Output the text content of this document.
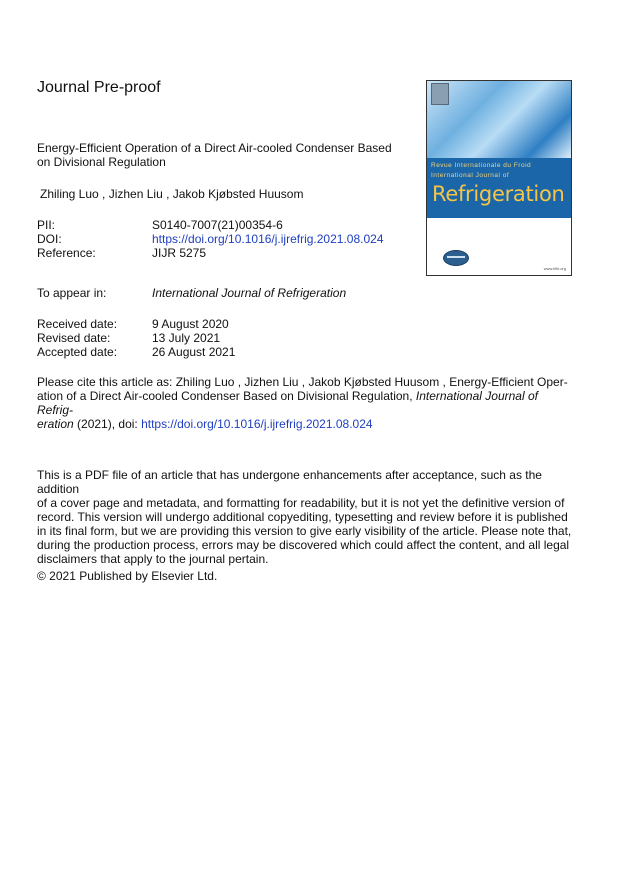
Journal Pre-proof
Energy-Efficient Operation of a Direct Air-cooled Condenser Based
on Divisional Regulation
Zhiling Luo , Jizhen Liu , Jakob Kjøbsted Huusom
PII:	S0140-7007(21)00354-6
DOI:	https://doi.org/10.1016/j.ijrefrig.2021.08.024
Reference:	JIJR 5275
To appear in:	International Journal of Refrigeration
Received date:	9 August 2020
Revised date:	13 July 2021
Accepted date:	26 August 2021
Please cite this article as: Zhiling Luo , Jizhen Liu , Jakob Kjøbsted Huusom , Energy-Efficient Oper-
ation of a Direct Air-cooled Condenser Based on Divisional Regulation, International Journal of Refrig-
eration (2021), doi: https://doi.org/10.1016/j.ijrefrig.2021.08.024
This is a PDF file of an article that has undergone enhancements after acceptance, such as the addition
of a cover page and metadata, and formatting for readability, but it is not yet the definitive version of
record. This version will undergo additional copyediting, typesetting and review before it is published
in its final form, but we are providing this version to give early visibility of the article. Please note that,
during the production process, errors may be discovered which could affect the content, and all legal
disclaimers that apply to the journal pertain.
© 2021 Published by Elsevier Ltd.
Revue Internationale du Froid
International Journal of
Refrigeration
www.iifiir.org
